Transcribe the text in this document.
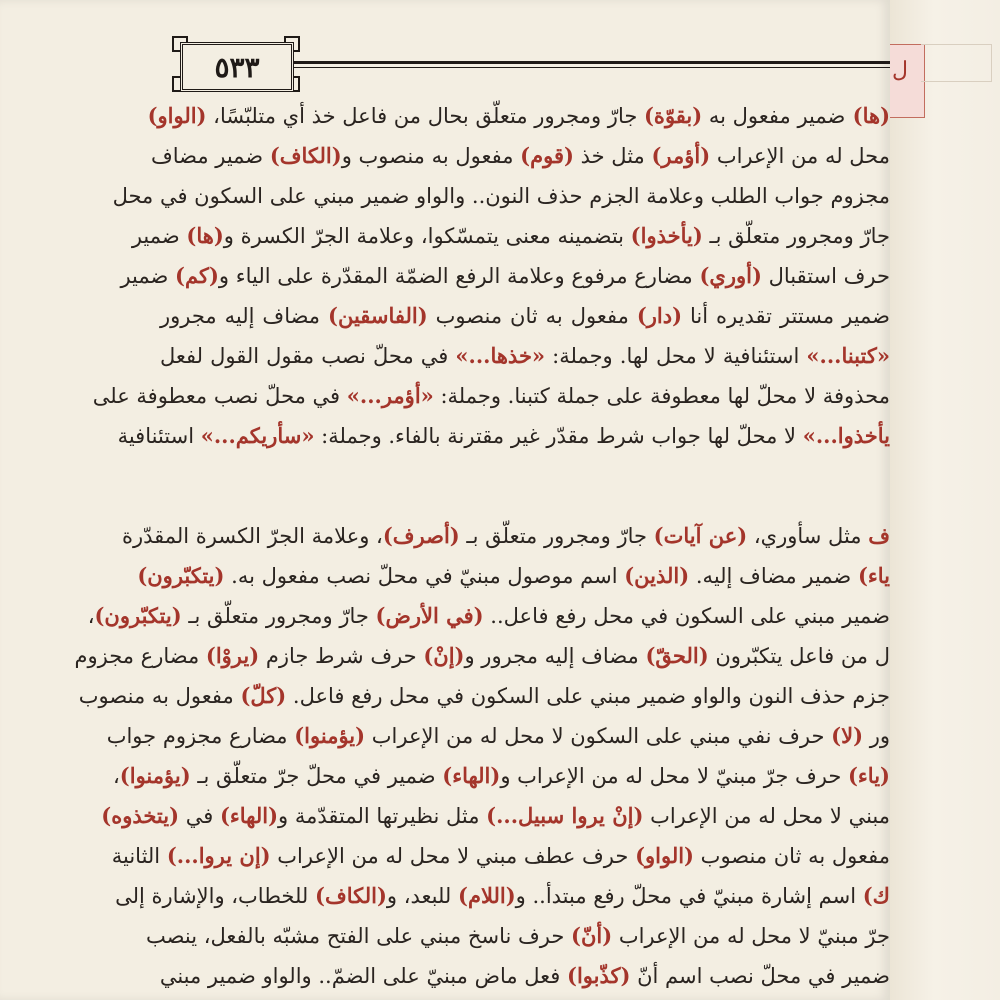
ل
٥٣٣
(ها) ضمير مفعول به (بقوّة) جارّ ومجرور متعلّق بحال من فاعل خذ أي متلبّسًا، (الواو)
محل له من الإعراب (أؤمر) مثل خذ (قوم) مفعول به منصوب و(الكاف) ضمير مضاف
مجزوم جواب الطلب وعلامة الجزم حذف النون.. والواو ضمير مبني على السكون في محل
جارّ ومجرور متعلّق بـ (يأخذوا) بتضمينه معنى يتمسّكوا، وعلامة الجرّ الكسرة و(ها) ضمير
حرف استقبال (أوري) مضارع مرفوع وعلامة الرفع الضمّة المقدّرة على الياء و(كم) ضمير
ضمير مستتر تقديره أنا (دار) مفعول به ثان منصوب (الفاسقين) مضاف إليه مجرور
«كتبنا...» استئنافية لا محل لها. وجملة: «خذها...» في محلّ نصب مقول القول لفعل
محذوفة لا محلّ لها معطوفة على جملة كتبنا. وجملة: «أؤمر...» في محلّ نصب معطوفة على
يأخذوا...» لا محلّ لها جواب شرط مقدّر غير مقترنة بالفاء. وجملة: «سأريكم...» استئنافية
ف مثل سأوري، (عن آيات) جارّ ومجرور متعلّق بـ (أصرف)، وعلامة الجرّ الكسرة المقدّرة
ياء) ضمير مضاف إليه. (الذين) اسم موصول مبنيّ في محلّ نصب مفعول به. (يتكبّرون)
ضمير مبني على السكون في محل رفع فاعل.. (في الأرض) جارّ ومجرور متعلّق بـ (يتكبّرون)،
ل من فاعل يتكبّرون (الحقّ) مضاف إليه مجرور و(إنْ) حرف شرط جازم (يروْا) مضارع مجزوم
جزم حذف النون والواو ضمير مبني على السكون في محل رفع فاعل. (كلّ) مفعول به منصوب
ور (لا) حرف نفي مبني على السكون لا محل له من الإعراب (يؤمنوا) مضارع مجزوم جواب
(ياء) حرف جرّ مبنيّ لا محل له من الإعراب و(الهاء) ضمير في محلّ جرّ متعلّق بـ (يؤمنوا)،
مبني لا محل له من الإعراب (إنْ يروا سبيل...) مثل نظيرتها المتقدّمة و(الهاء) في (يتخذوه)
مفعول به ثان منصوب (الواو) حرف عطف مبني لا محل له من الإعراب (إن يروا...) الثانية
ك) اسم إشارة مبنيّ في محلّ رفع مبتدأ.. و(اللام) للبعد، و(الكاف) للخطاب، والإشارة إلى
جرّ مبنيّ لا محل له من الإعراب (أنّ) حرف ناسخ مبني على الفتح مشبّه بالفعل، ينصب
ضمير في محلّ نصب اسم أنّ (كذّبوا) فعل ماض مبنيّ على الضمّ.. والواو ضمير مبني
